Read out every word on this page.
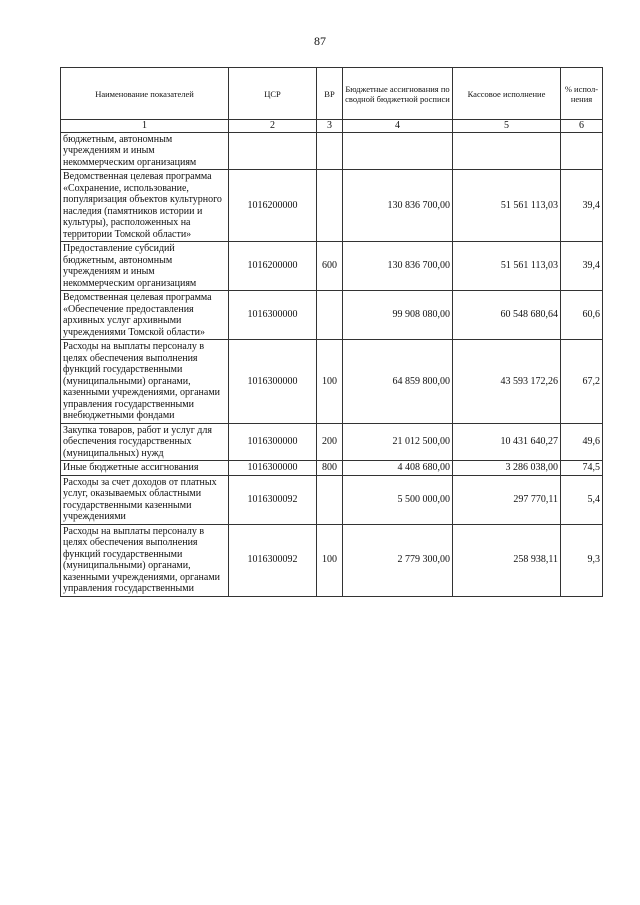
87
Наименование показателей	ЦСР	ВР	Бюджетные ассигнования по сводной бюджетной росписи	Кассовое исполнение	% испол-нения
1	2	3	4	5	6
бюджетным, автономным учреждениям и иным некоммерческим организациям					
Ведомственная целевая программа «Сохранение, использование, популяризация объектов культурного наследия (памятников истории и культуры), расположенных на территории Томской области»	1016200000		130 836 700,00	51 561 113,03	39,4
Предоставление субсидий бюджетным, автономным учреждениям и иным некоммерческим организациям	1016200000	600	130 836 700,00	51 561 113,03	39,4
Ведомственная целевая программа «Обеспечение предоставления архивных услуг архивными учреждениями Томской области»	1016300000		99 908 080,00	60 548 680,64	60,6
Расходы на выплаты персоналу в целях обеспечения выполнения функций государственными (муниципальными) органами, казенными учреждениями, органами управления государственными внебюджетными фондами	1016300000	100	64 859 800,00	43 593 172,26	67,2
Закупка товаров, работ и услуг для обеспечения государственных (муниципальных) нужд	1016300000	200	21 012 500,00	10 431 640,27	49,6
Иные бюджетные ассигнования	1016300000	800	4 408 680,00	3 286 038,00	74,5
Расходы за счет доходов от платных услуг, оказываемых областными государственными казенными учреждениями	1016300092		5 500 000,00	297 770,11	5,4
Расходы на выплаты персоналу в целях обеспечения выполнения функций государственными (муниципальными) органами, казенными учреждениями, органами управления государственными	1016300092	100	2 779 300,00	258 938,11	9,3
